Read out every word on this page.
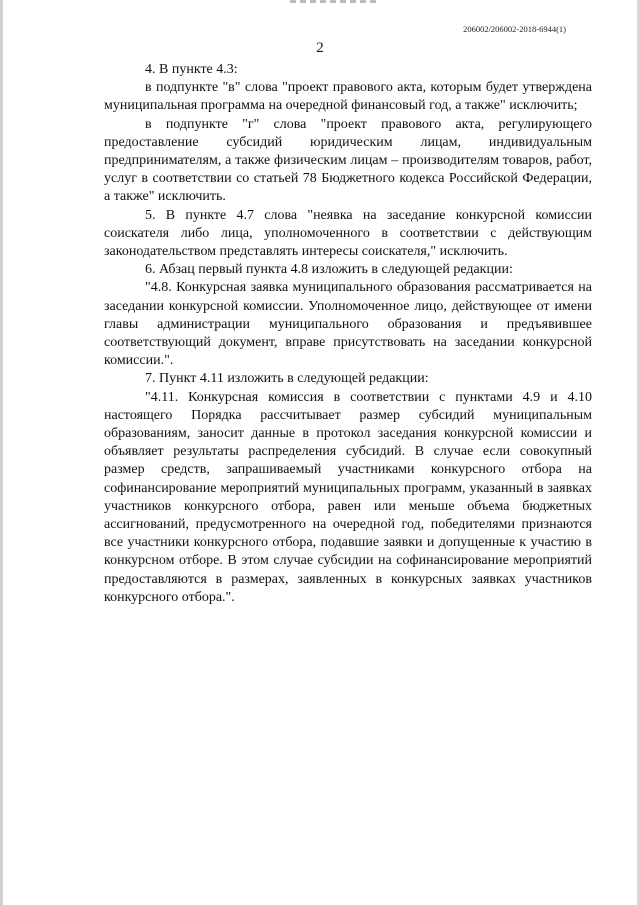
206002/206002-2018-6944(1)
2

4. В пункте 4.3:

в подпункте "в" слова "проект правового акта, которым будет утверждена муниципальная программа на очередной финансовый год, а также" исключить;

в подпункте "г" слова "проект правового акта, регулирующего предоставление субсидий юридическим лицам, индивидуальным предпринимателям, а также физическим лицам – производителям товаров, работ, услуг в соответствии со статьей 78 Бюджетного кодекса Российской Федерации, а также" исключить.

5. В пункте 4.7 слова "неявка на заседание конкурсной комиссии соискателя либо лица, уполномоченного в соответствии с действующим законодательством представлять интересы соискателя," исключить.

6. Абзац первый пункта 4.8 изложить в следующей редакции:

"4.8. Конкурсная заявка муниципального образования рассматривается на заседании конкурсной комиссии. Уполномоченное лицо, действующее от имени главы администрации муниципального образования и предъявившее соответствующий документ, вправе присутствовать на заседании конкурсной комиссии.".

7. Пункт 4.11 изложить в следующей редакции:

"4.11. Конкурсная комиссия в соответствии с пунктами 4.9 и 4.10 настоящего Порядка рассчитывает размер субсидий муниципальным образованиям, заносит данные в протокол заседания конкурсной комиссии и объявляет результаты распределения субсидий. В случае если совокупный размер средств, запрашиваемый участниками конкурсного отбора на софинансирование мероприятий муниципальных программ, указанный в заявках участников конкурсного отбора, равен или меньше объема бюджетных ассигнований, предусмотренного на очередной год, победителями признаются все участники конкурсного отбора, подавшие заявки и допущенные к участию в конкурсном отборе. В этом случае субсидии на софинансирование мероприятий предоставляются в размерах, заявленных в конкурсных заявках участников конкурсного отбора.".
